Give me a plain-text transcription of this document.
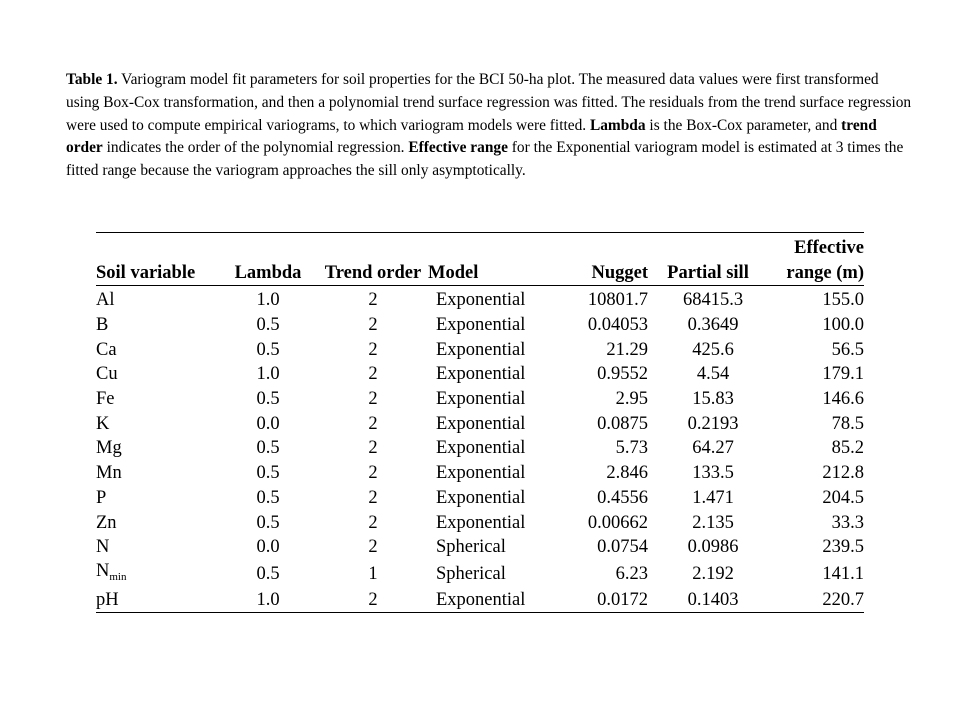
Table 1. Variogram model fit parameters for soil properties for the BCI 50-ha plot. The measured data values were first transformed using Box-Cox transformation, and then a polynomial trend surface regression was fitted. The residuals from the trend surface regression were used to compute empirical variograms, to which variogram models were fitted. Lambda is the Box-Cox parameter, and trend order indicates the order of the polynomial regression. Effective range for the Exponential variogram model is estimated at 3 times the fitted range because the variogram approaches the sill only asymptotically.

						Effective
Soil variable	Lambda	Trend order	Model	Nugget	Partial sill	range (m)
Al	1.0	2	Exponential	10801.7	68415.3	155.0
B	0.5	2	Exponential	0.04053	0.3649	100.0
Ca	0.5	2	Exponential	21.29	425.6	56.5
Cu	1.0	2	Exponential	0.9552	4.54	179.1
Fe	0.5	2	Exponential	2.95	15.83	146.6
K	0.0	2	Exponential	0.0875	0.2193	78.5
Mg	0.5	2	Exponential	5.73	64.27	85.2
Mn	0.5	2	Exponential	2.846	133.5	212.8
P	0.5	2	Exponential	0.4556	1.471	204.5
Zn	0.5	2	Exponential	0.00662	2.135	33.3
N	0.0	2	Spherical	0.0754	0.0986	239.5
$N_{min}$	0.5	1	Spherical	6.23	2.192	141.1
pH	1.0	2	Exponential	0.0172	0.1403	220.7
